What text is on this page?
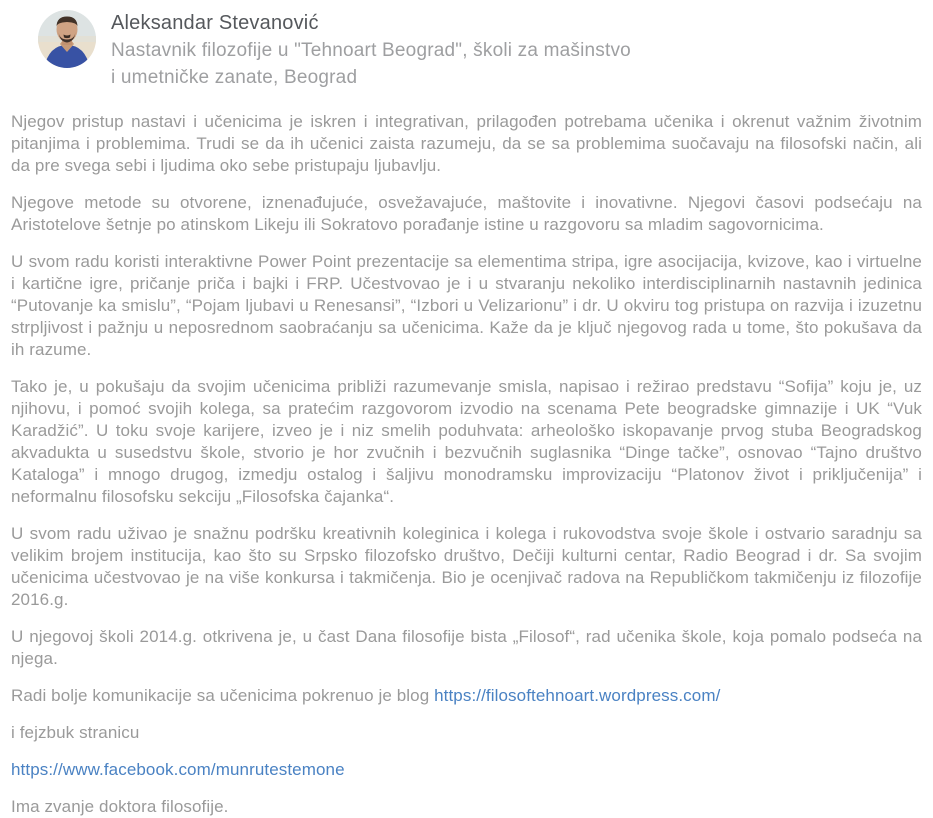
Aleksandar Stevanović
Nastavnik filozofije u "Tehnoart Beograd", školi za mašinstvo i umetničke zanate, Beograd

Njegov pristup nastavi i učenicima je iskren i integrativan, prilagođen potrebama učenika i okrenut važnim životnim pitanjima i problemima. Trudi se da ih učenici zaista razumeju, da se sa problemima suočavaju na filosofski način, ali da pre svega sebi i ljudima oko sebe pristupaju ljubavlju.

Njegove metode su otvorene, iznenađujuće, osvežavajuće, maštovite i inovativne. Njegovi časovi podsećaju na Aristotelove šetnje po atinskom Likeju ili Sokratovo porađanje istine u razgovoru sa mladim sagovornicima.

U svom radu koristi interaktivne Power Point prezentacije sa elementima stripa, igre asocijacija, kvizove, kao i virtuelne i kartične igre, pričanje priča i bajki i FRP. Učestvovao je i u stvaranju nekoliko interdisciplinarnih nastavnih jedinica “Putovanje ka smislu”, “Pojam ljubavi u Renesansi”, “Izbori u Velizarionu” i dr. U okviru tog pristupa on razvija i izuzetnu strpljivost i pažnju u neposrednom saobraćanju sa učenicima. Kaže da je ključ njegovog rada u tome, što pokušava da ih razume.

Tako je, u pokušaju da svojim učenicima približi razumevanje smisla, napisao i režirao predstavu “Sofija” koju je, uz njihovu, i pomoć svojih kolega, sa pratećim razgovorom izvodio na scenama Pete beogradske gimnazije i UK “Vuk Karadžić”. U toku svoje karijere, izveo je i niz smelih poduhvata: arheološko iskopavanje prvog stuba Beogradskog akvadukta u susedstvu škole, stvorio je hor zvučnih i bezvučnih suglasnika “Dinge tačke”, osnovao “Tajno društvo Kataloga” i mnogo drugog, izmedju ostalog i šaljivu monodramsku improvizaciju “Platonov život i priključenija” i neformalnu filosofsku sekciju „Filosofska čajanka“.

U svom radu uživao je snažnu podršku kreativnih koleginica i kolega i rukovodstva svoje škole i ostvario saradnju sa velikim brojem institucija, kao što su Srpsko filozofsko društvo, Dečiji kulturni centar, Radio Beograd i dr. Sa svojim učenicima učestvovao je na više konkursa i takmičenja. Bio je ocenjivač radova na Republičkom takmičenju iz filozofije 2016.g.

U njegovoj školi 2014.g. otkrivena je, u čast Dana filosofije bista „Filosof“, rad učenika škole, koja pomalo podseća na njega.

Radi bolje komunikacije sa učenicima pokrenuo je blog https://filosoftehnoart.wordpress.com/

i fejzbuk stranicu

https://www.facebook.com/munrutestemone

Ima zvanje doktora filosofije.
